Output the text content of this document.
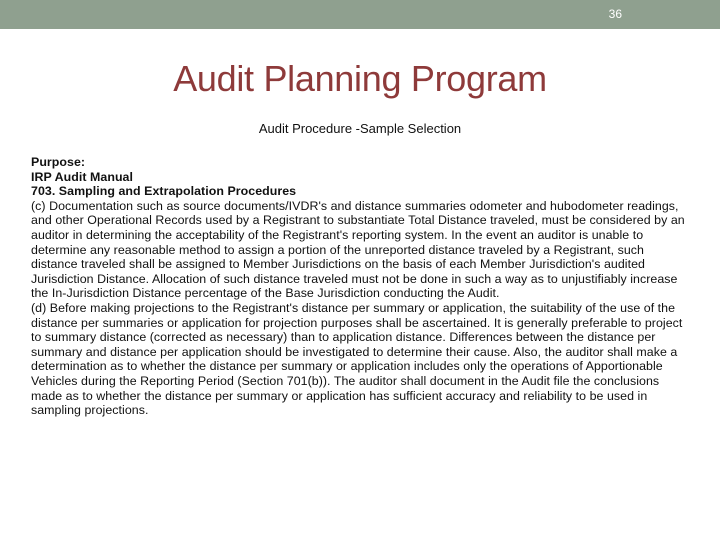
36
Audit Planning Program
Audit Procedure -Sample Selection

Purpose:

IRP Audit Manual

703. Sampling and Extrapolation Procedures

(c) Documentation such as source documents/IVDR's and distance summaries odometer and hubodometer readings, and other Operational Records used by a Registrant to substantiate Total Distance traveled, must be considered by an auditor in determining the acceptability of the Registrant's reporting system. In the event an auditor is unable to determine any reasonable method to assign a portion of the unreported distance traveled by a Registrant, such distance traveled shall be assigned to Member Jurisdictions on the basis of each Member Jurisdiction's audited Jurisdiction Distance. Allocation of such distance traveled must not be done in such a way as to unjustifiably increase the In-Jurisdiction Distance percentage of the Base Jurisdiction conducting the Audit.

(d) Before making projections to the Registrant's distance per summary or application, the suitability of the use of the distance per summaries or application for projection purposes shall be ascertained. It is generally preferable to project to summary distance (corrected as necessary) than to application distance. Differences between the distance per summary and distance per application should be investigated to determine their cause. Also, the auditor shall make a determination as to whether the distance per summary or application includes only the operations of Apportionable Vehicles during the Reporting Period (Section 701(b)). The auditor shall document in the Audit file the conclusions made as to whether the distance per summary or application has sufficient accuracy and reliability to be used in sampling projections.
